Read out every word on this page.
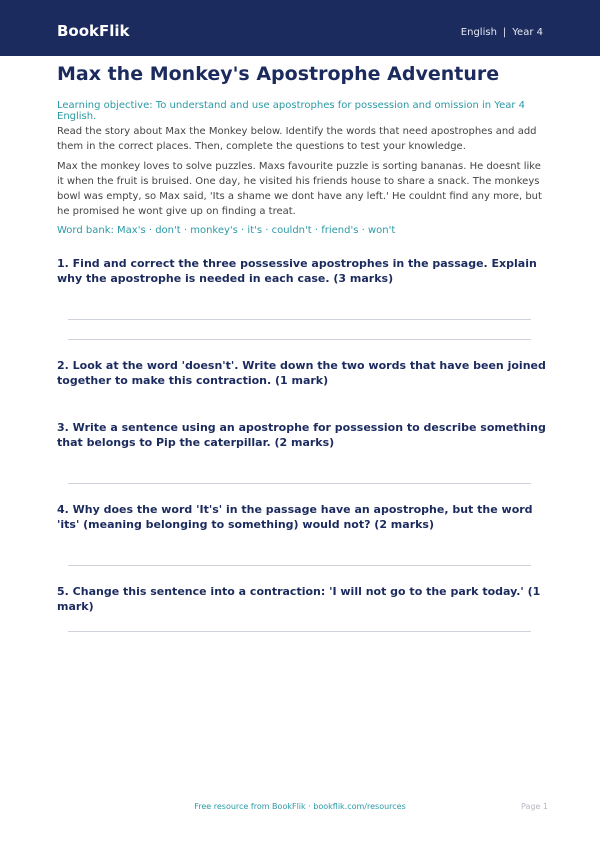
BookFlik	English | Year 4
Max the Monkey's Apostrophe Adventure
Learning objective: To understand and use apostrophes for possession and omission in Year 4 English.
Read the story about Max the Monkey below. Identify the words that need apostrophes and add them in the correct places. Then, complete the questions to test your knowledge.
Max the monkey loves to solve puzzles. Maxs favourite puzzle is sorting bananas. He doesnt like it when the fruit is bruised. One day, he visited his friends house to share a snack. The monkeys bowl was empty, so Max said, 'Its a shame we dont have any left.' He couldnt find any more, but he promised he wont give up on finding a treat.
Word bank: Max's · don't · monkey's · it's · couldn't · friend's · won't
1. Find and correct the three possessive apostrophes in the passage. Explain why the apostrophe is needed in each case. (3 marks)
2. Look at the word 'doesn't'. Write down the two words that have been joined together to make this contraction. (1 mark)
3. Write a sentence using an apostrophe for possession to describe something that belongs to Pip the caterpillar. (2 marks)
4. Why does the word 'It's' in the passage have an apostrophe, but the word 'its' (meaning belonging to something) would not? (2 marks)
5. Change this sentence into a contraction: 'I will not go to the park today.' (1 mark)
Free resource from BookFlik · bookflik.com/resources	Page 1
